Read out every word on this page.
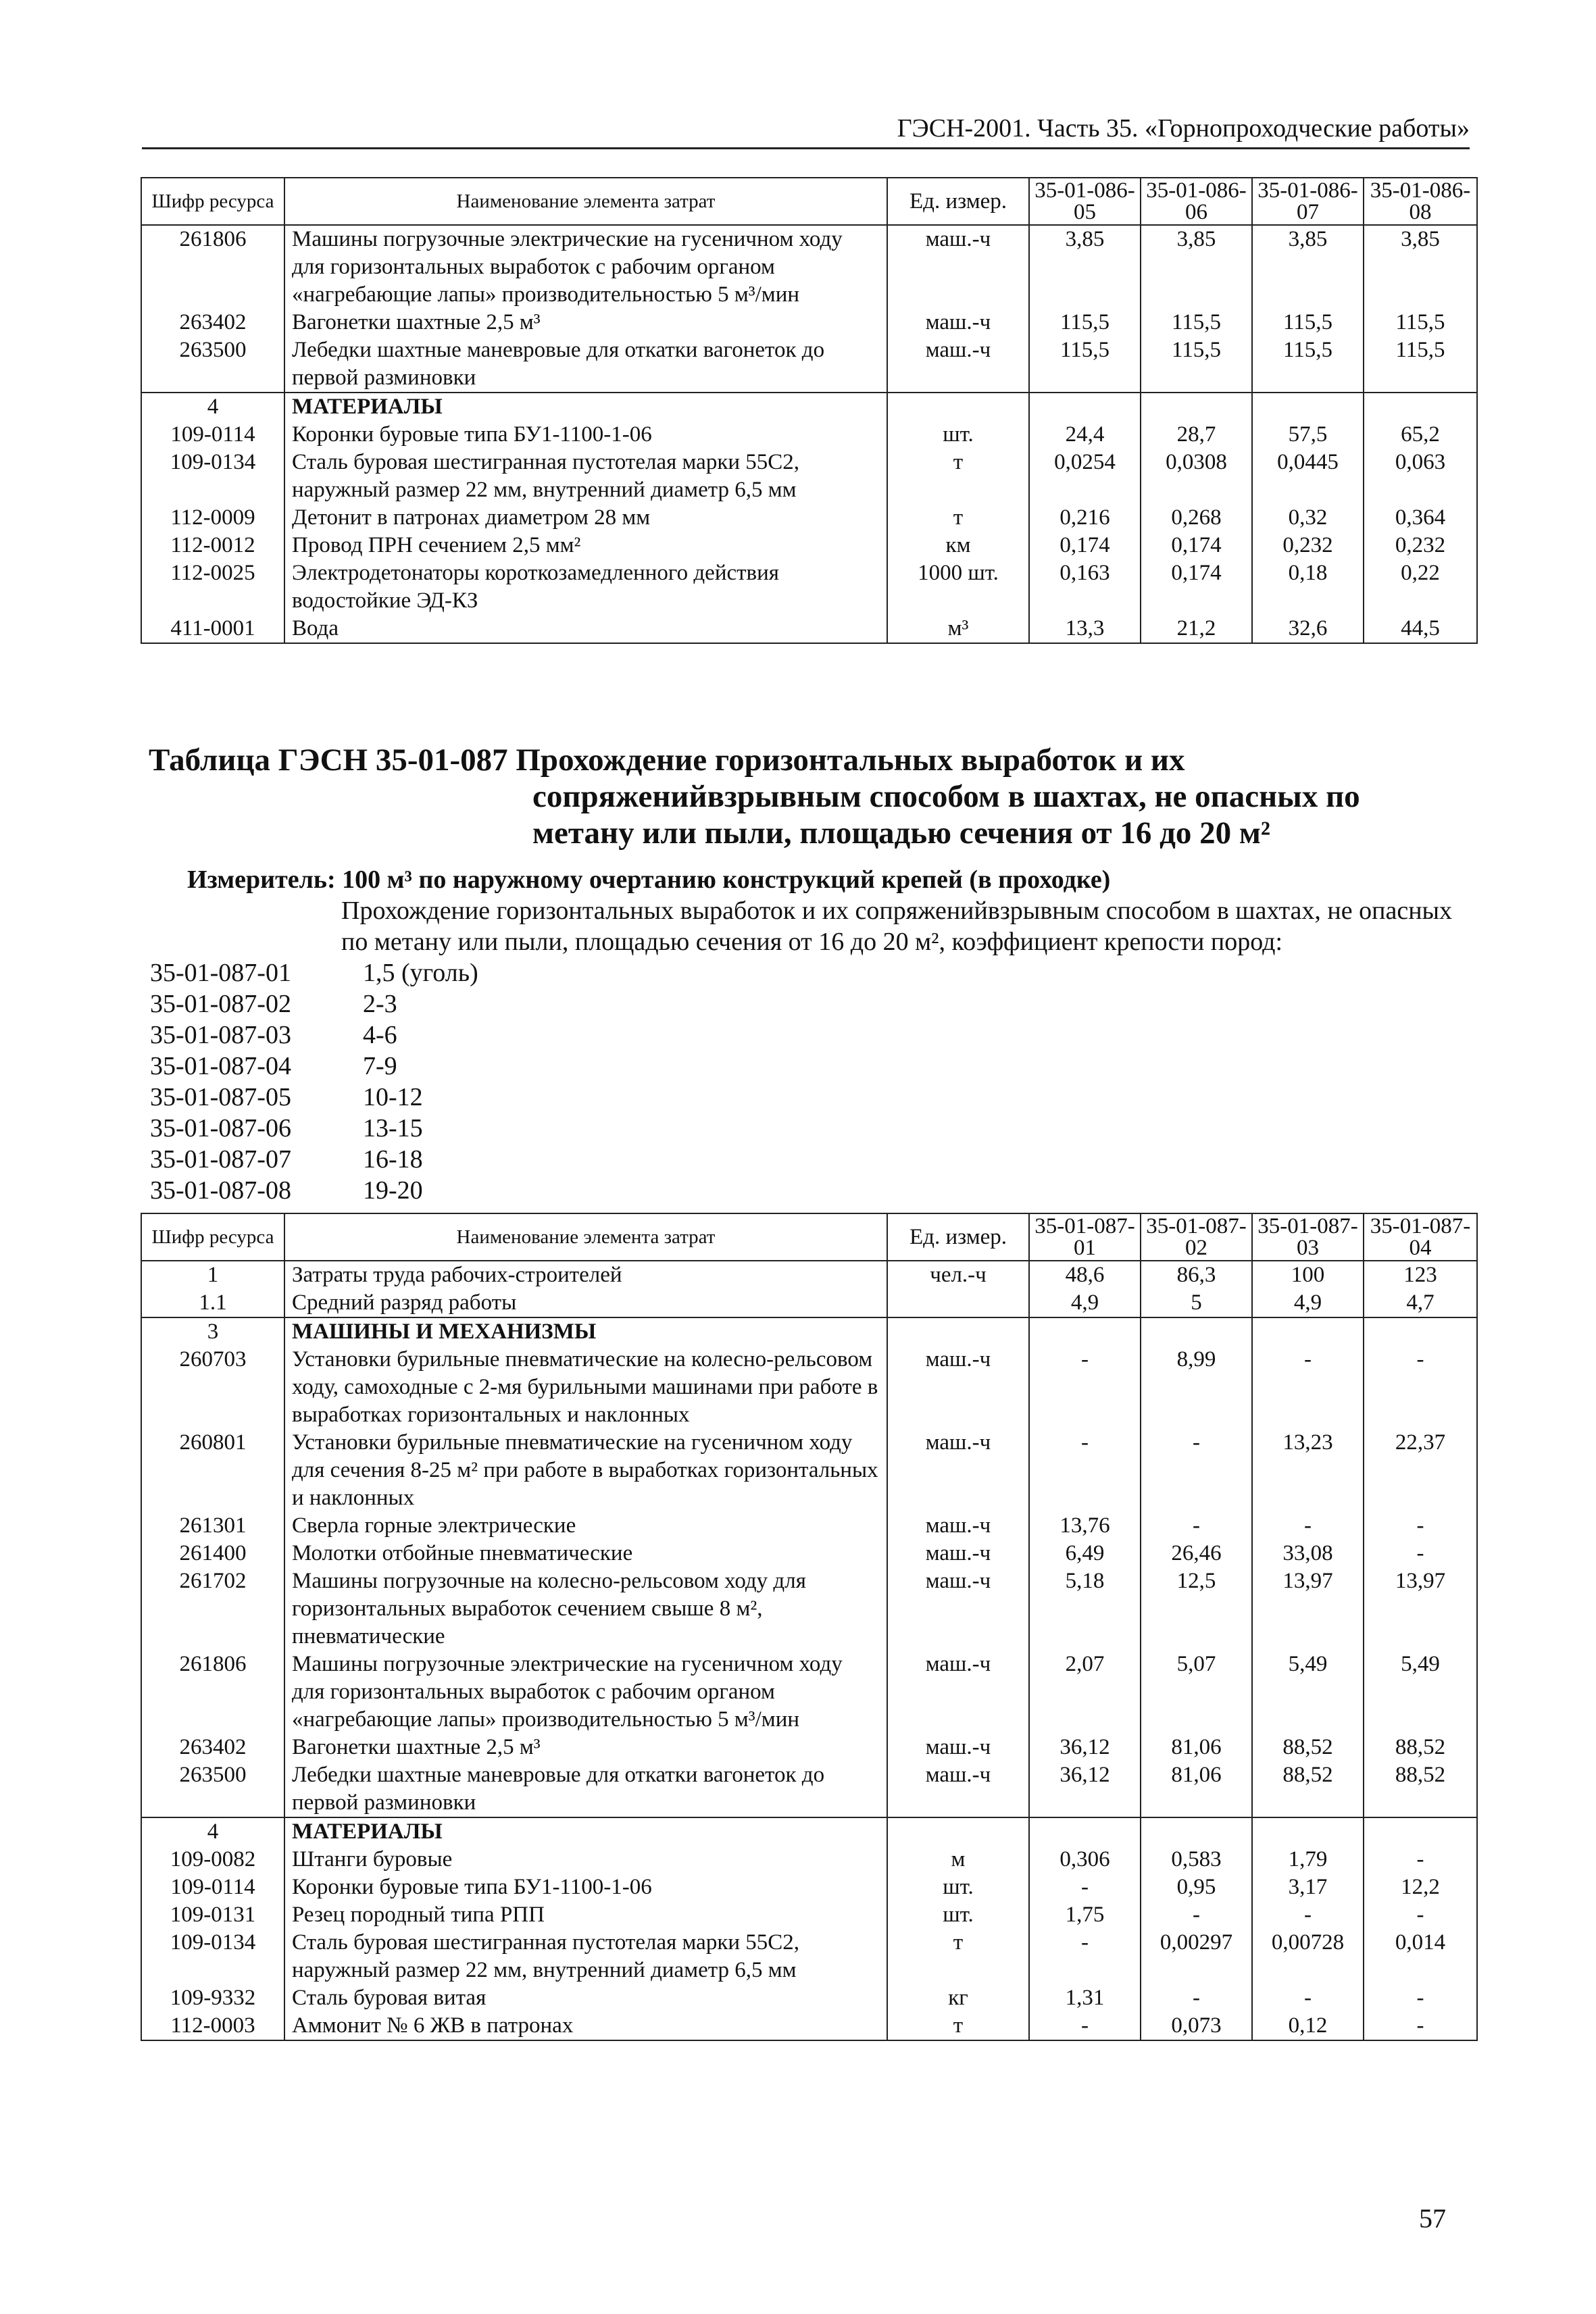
ГЭСН-2001. Часть 35. «Горнопроходческие работы»
Шифр ресурса	Наименование элемента затрат	Ед. измер.	35-01-086-05	35-01-086-06	35-01-086-07	35-01-086-08
261806	Машины погрузочные электрические на гусеничном ходу для горизонтальных выработок с рабочим органом «нагребающие лапы» производительностью 5 м³/мин	маш.-ч	3,85	3,85	3,85	3,85
263402	Вагонетки шахтные 2,5 м³	маш.-ч	115,5	115,5	115,5	115,5
263500	Лебедки шахтные маневровые для откатки вагонеток до первой разминовки	маш.-ч	115,5	115,5	115,5	115,5
4	МАТЕРИАЛЫ					
109-0114	Коронки буровые типа БУ1-1100-1-06	шт.	24,4	28,7	57,5	65,2
109-0134	Сталь буровая шестигранная пустотелая марки 55С2, наружный размер 22 мм, внутренний диаметр 6,5 мм	т	0,0254	0,0308	0,0445	0,063
112-0009	Детонит в патронах диаметром 28 мм	т	0,216	0,268	0,32	0,364
112-0012	Провод ПРН сечением 2,5 мм²	км	0,174	0,174	0,232	0,232
112-0025	Электродетонаторы короткозамедленного действия водостойкие ЭД-КЗ	1000 шт.	0,163	0,174	0,18	0,22
411-0001	Вода	м³	13,3	21,2	32,6	44,5
Таблица ГЭСН 35-01-087 Прохождение горизонтальных выработок и их
сопряженийвзрывным способом в шахтах, не опасных по
метану или пыли, площадью сечения от 16 до 20 м²
Измеритель: 100 м³ по наружному очертанию конструкций крепей (в проходке)
Прохождение горизонтальных выработок и их сопряженийвзрывным способом в шахтах, не опасных по метану или пыли, площадью сечения от 16 до 20 м², коэффициент крепости пород:
35-01-087-01	1,5 (уголь)
35-01-087-02	2-3
35-01-087-03	4-6
35-01-087-04	7-9
35-01-087-05	10-12
35-01-087-06	13-15
35-01-087-07	16-18
35-01-087-08	19-20
Шифр ресурса	Наименование элемента затрат	Ед. измер.	35-01-087-01	35-01-087-02	35-01-087-03	35-01-087-04
1	Затраты труда рабочих-строителей	чел.-ч	48,6	86,3	100	123
1.1	Средний разряд работы		4,9	5	4,9	4,7
3	МАШИНЫ И МЕХАНИЗМЫ					
260703	Установки бурильные пневматические на колесно-рельсовом ходу, самоходные с 2-мя бурильными машинами при работе в выработках горизонтальных и наклонных	маш.-ч	-	8,99	-	-
260801	Установки бурильные пневматические на гусеничном ходу для сечения 8-25 м² при работе в выработках горизонтальных и наклонных	маш.-ч	-	-	13,23	22,37
261301	Сверла горные электрические	маш.-ч	13,76	-	-	-
261400	Молотки отбойные пневматические	маш.-ч	6,49	26,46	33,08	-
261702	Машины погрузочные на колесно-рельсовом ходу для горизонтальных выработок сечением свыше 8 м², пневматические	маш.-ч	5,18	12,5	13,97	13,97
261806	Машины погрузочные электрические на гусеничном ходу для горизонтальных выработок с рабочим органом «нагребающие лапы» производительностью 5 м³/мин	маш.-ч	2,07	5,07	5,49	5,49
263402	Вагонетки шахтные 2,5 м³	маш.-ч	36,12	81,06	88,52	88,52
263500	Лебедки шахтные маневровые для откатки вагонеток до первой разминовки	маш.-ч	36,12	81,06	88,52	88,52
4	МАТЕРИАЛЫ					
109-0082	Штанги буровые	м	0,306	0,583	1,79	-
109-0114	Коронки буровые типа БУ1-1100-1-06	шт.	-	0,95	3,17	12,2
109-0131	Резец породный типа РПП	шт.	1,75	-	-	-
109-0134	Сталь буровая шестигранная пустотелая марки 55С2, наружный размер 22 мм, внутренний диаметр 6,5 мм	т	-	0,00297	0,00728	0,014
109-9332	Сталь буровая витая	кг	1,31	-	-	-
112-0003	Аммонит № 6 ЖВ в патронах	т	-	0,073	0,12	-
57
